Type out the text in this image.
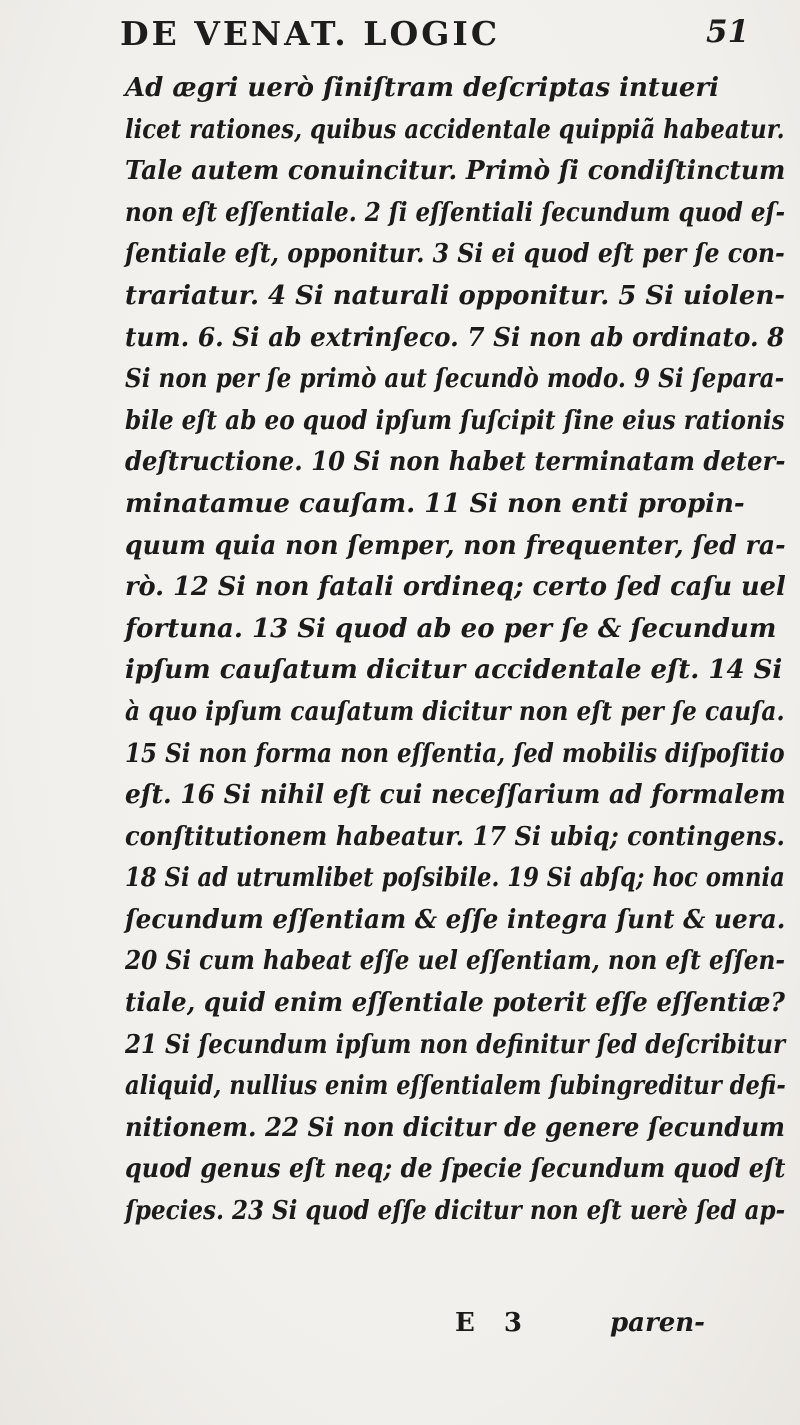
DE VENAT. LOGIC	51
Ad ægri uerò ſiniſtram deſcriptas intueri
licet rationes, quibus accidentale quippiã habeatur.
Tale autem conuincitur. Primò ſi condiſtinctum
non eſt eſſentiale. 2 ſi eſſentiali ſecundum quod eſ-
ſentiale eſt, opponitur. 3 Si ei quod eſt per ſe con-
trariatur. 4 Si naturali opponitur. 5 Si uiolen-
tum. 6. Si ab extrinſeco. 7 Si non ab ordinato. 8
Si non per ſe primò aut ſecundò modo. 9 Si ſepara-
bile eſt ab eo quod ipſum ſuſcipit ſine eius rationis
deſtructione. 10 Si non habet terminatam deter-
minatamue cauſam. 11 Si non enti propin-
quum quia non ſemper, non frequenter, ſed ra-
rò. 12 Si non fatali ordineq; certo ſed caſu uel
fortuna. 13 Si quod ab eo per ſe & ſecundum
ipſum cauſatum dicitur accidentale eſt. 14 Si
à quo ipſum cauſatum dicitur non eſt per ſe cauſa.
15 Si non forma non eſſentia, ſed mobilis diſpoſitio
eſt. 16 Si nihil eſt cui neceſſarium ad formalem
conſtitutionem habeatur. 17 Si ubiq; contingens.
18 Si ad utrumlibet poſsibile. 19 Si abſq; hoc omnia
ſecundum eſſentiam & eſſe integra ſunt & uera.
20 Si cum habeat eſſe uel eſſentiam, non eſt eſſen-
tiale, quid enim eſſentiale poterit eſſe eſſentiæ?
21 Si ſecundum ipſum non definitur ſed deſcribitur
aliquid, nullius enim eſſentialem ſubingreditur defi-
nitionem. 22 Si non dicitur de genere ſecundum
quod genus eſt neq; de ſpecie ſecundum quod eſt
ſpecies. 23 Si quod eſſe dicitur non eſt uerè ſed ap-
E 3	paren-
